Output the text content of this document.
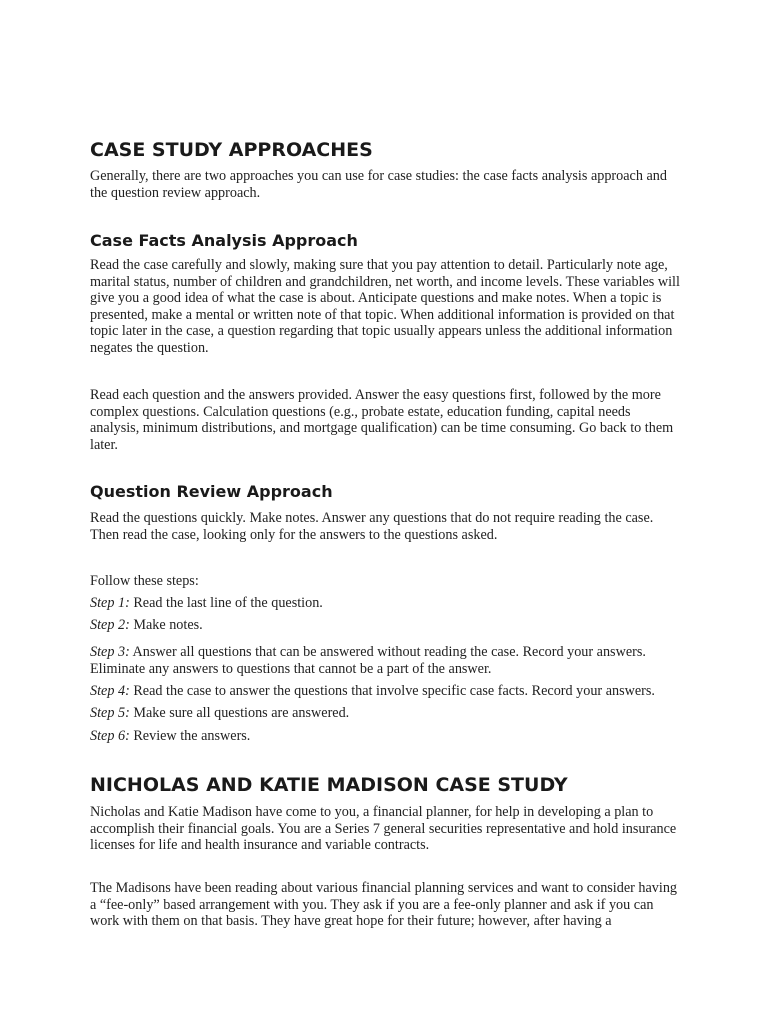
CASE STUDY APPROACHES

Generally, there are two approaches you can use for case studies: the case facts analysis approach and the question review approach.

Case Facts Analysis Approach

Read the case carefully and slowly, making sure that you pay attention to detail. Particularly note age, marital status, number of children and grandchildren, net worth, and income levels. These variables will give you a good idea of what the case is about. Anticipate questions and make notes. When a topic is presented, make a mental or written note of that topic. When additional information is provided on that topic later in the case, a question regarding that topic usually appears unless the additional information negates the question.

Read each question and the answers provided. Answer the easy questions first, followed by the more complex questions. Calculation questions (e.g., probate estate, education funding, capital needs analysis, minimum distributions, and mortgage qualification) can be time consuming. Go back to them later.

Question Review Approach

Read the questions quickly. Make notes. Answer any questions that do not require reading the case. Then read the case, looking only for the answers to the questions asked.

Follow these steps:

Step 1: Read the last line of the question.

Step 2: Make notes.

Step 3: Answer all questions that can be answered without reading the case. Record your answers. Eliminate any answers to questions that cannot be a part of the answer.

Step 4: Read the case to answer the questions that involve specific case facts. Record your answers.

Step 5: Make sure all questions are answered.

Step 6: Review the answers.

NICHOLAS AND KATIE MADISON CASE STUDY

Nicholas and Katie Madison have come to you, a financial planner, for help in developing a plan to accomplish their financial goals. You are a Series 7 general securities representative and hold insurance licenses for life and health insurance and variable contracts.

The Madisons have been reading about various financial planning services and want to consider having a “fee-only” based arrangement with you. They ask if you are a fee-only planner and ask if you can work with them on that basis. They have great hope for their future; however, after having a
